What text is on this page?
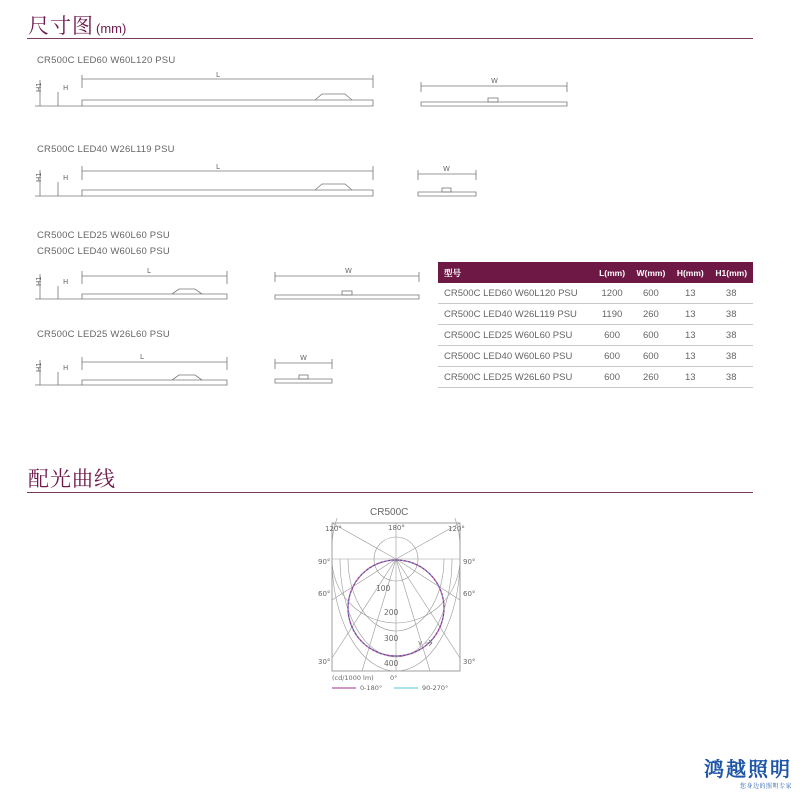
尺寸图 (mm)
CR500C LED60 W60L120 PSU
H1	H
L
W
CR500C LED40 W26L119 PSU
H1	H
L	W
CR500C LED25 W60L60 PSU
CR500C LED40 W60L60 PSU
H1	H
L	W
CR500C LED25 W26L60 PSU
H1	H
L	W
型号	L(mm)	W(mm)	H(mm)	H1(mm)
CR500C LED60 W60L120 PSU	1200	600	13	38
CR500C LED40 W26L119 PSU	1190	260	13	38
CR500C LED25 W60L60 PSU	600	600	13	38
CR500C LED40 W60L60 PSU	600	600	13	38
CR500C LED25 W26L60 PSU	600	260	13	38
配光曲线
CR500C
100
200
300
400
γ
120°	180°	120°
90°	90°
60°	60°
30°	30°
(cd/1000 lm)	0°
0-180°	90-270°
鸿越照明
您身边的照明专家
